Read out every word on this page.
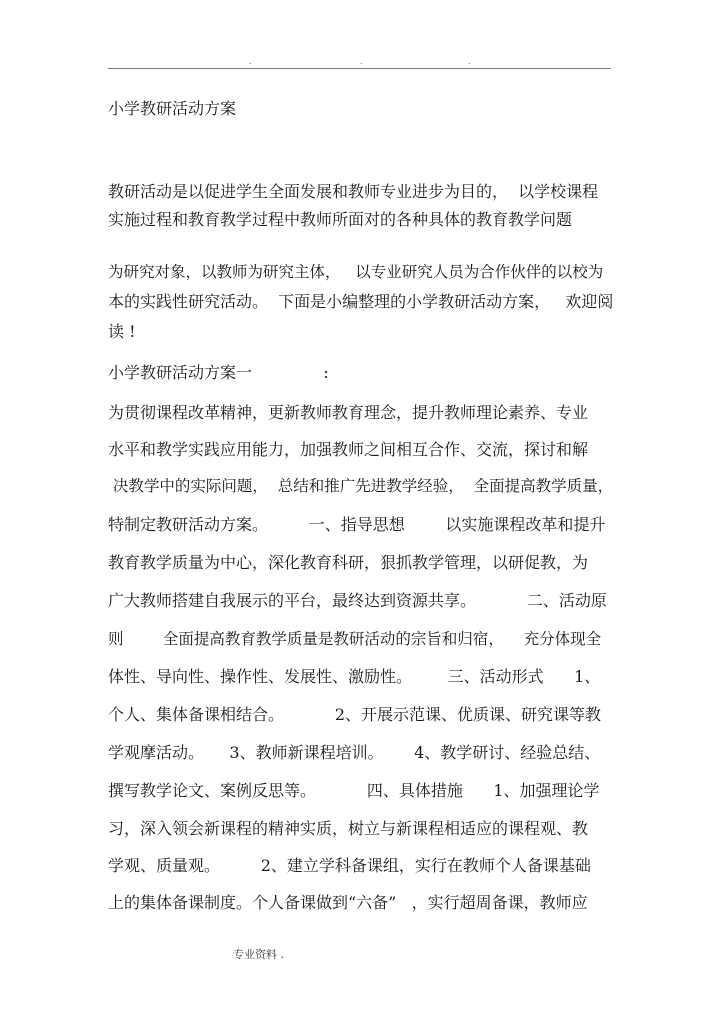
.	.	.
小学教研活动方案
教研活动是以促进学生全面发展和教师专业进步为目的，  以学校课程
实施过程和教育教学过程中教师所面对的各种具体的教育教学问题
为研究对象，以教师为研究主体，   以专业研究人员为合作伙伴的以校为
本的实践性研究活动。  下面是小编整理的小学教研活动方案，   欢迎阅
读 !
小学教研活动方案一              :
为贯彻课程改革精神，更新教师教育理念，提升教师理论素养、专业
水平和教学实践应用能力，加强教师之间相互合作、交流，探讨和解
决教学中的实际问题，  总结和推广先进教学经验，  全面提高教学质量，
特制定教研活动方案。        一、指导思想        以实施课程改革和提升
教育教学质量为中心，深化教育科研，狠抓教学管理，以研促教，为
广大教师搭建自我展示的平台，最终达到资源共享。          二、活动原
则        全面提高教育教学质量是教研活动的宗旨和归宿，    充分体现全
体性、导向性、操作性、发展性、激励性。       三、活动形式      1、
个人、集体备课相结合。          2、开展示范课、优质课、研究课等教
学观摩活动。     3、教师新课程培训。      4、教学研讨、经验总结、
撰写教学论文、案例反思等。          四、具体措施      1、加强理论学
习，深入领会新课程的精神实质，树立与新课程相适应的课程观、教
学观、质量观。        2、建立学科备课组，实行在教师个人备课基础
上的集体备课制度。个人备课做到“六备”   ，实行超周备课，教师应
专业资料 .
